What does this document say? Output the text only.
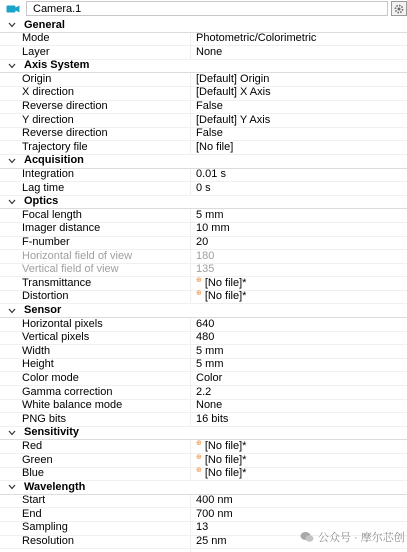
Camera.1
General
Mode	Photometric/Colorimetric
Layer	None
Axis System
Origin	[Default] Origin
X direction	[Default] X Axis
Reverse direction	False
Y direction	[Default] Y Axis
Reverse direction	False
Trajectory file	[No file]
Acquisition
Integration	0.01 s
Lag time	0 s
Optics
Focal length	5 mm
Imager distance	10 mm
F-number	20
Horizontal field of view	180
Vertical field of view	135
Transmittance	⊕ [No file]*
Distortion	⊕ [No file]*
Sensor
Horizontal pixels	640
Vertical pixels	480
Width	5 mm
Height	5 mm
Color mode	Color
Gamma correction	2.2
White balance mode	None
PNG bits	16 bits
Sensitivity
Red	⊕ [No file]*
Green	⊕ [No file]*
Blue	⊕ [No file]*
Wavelength
Start	400 nm
End	700 nm
Sampling	13
Resolution	25 nm	公众号 · 摩尔芯创
